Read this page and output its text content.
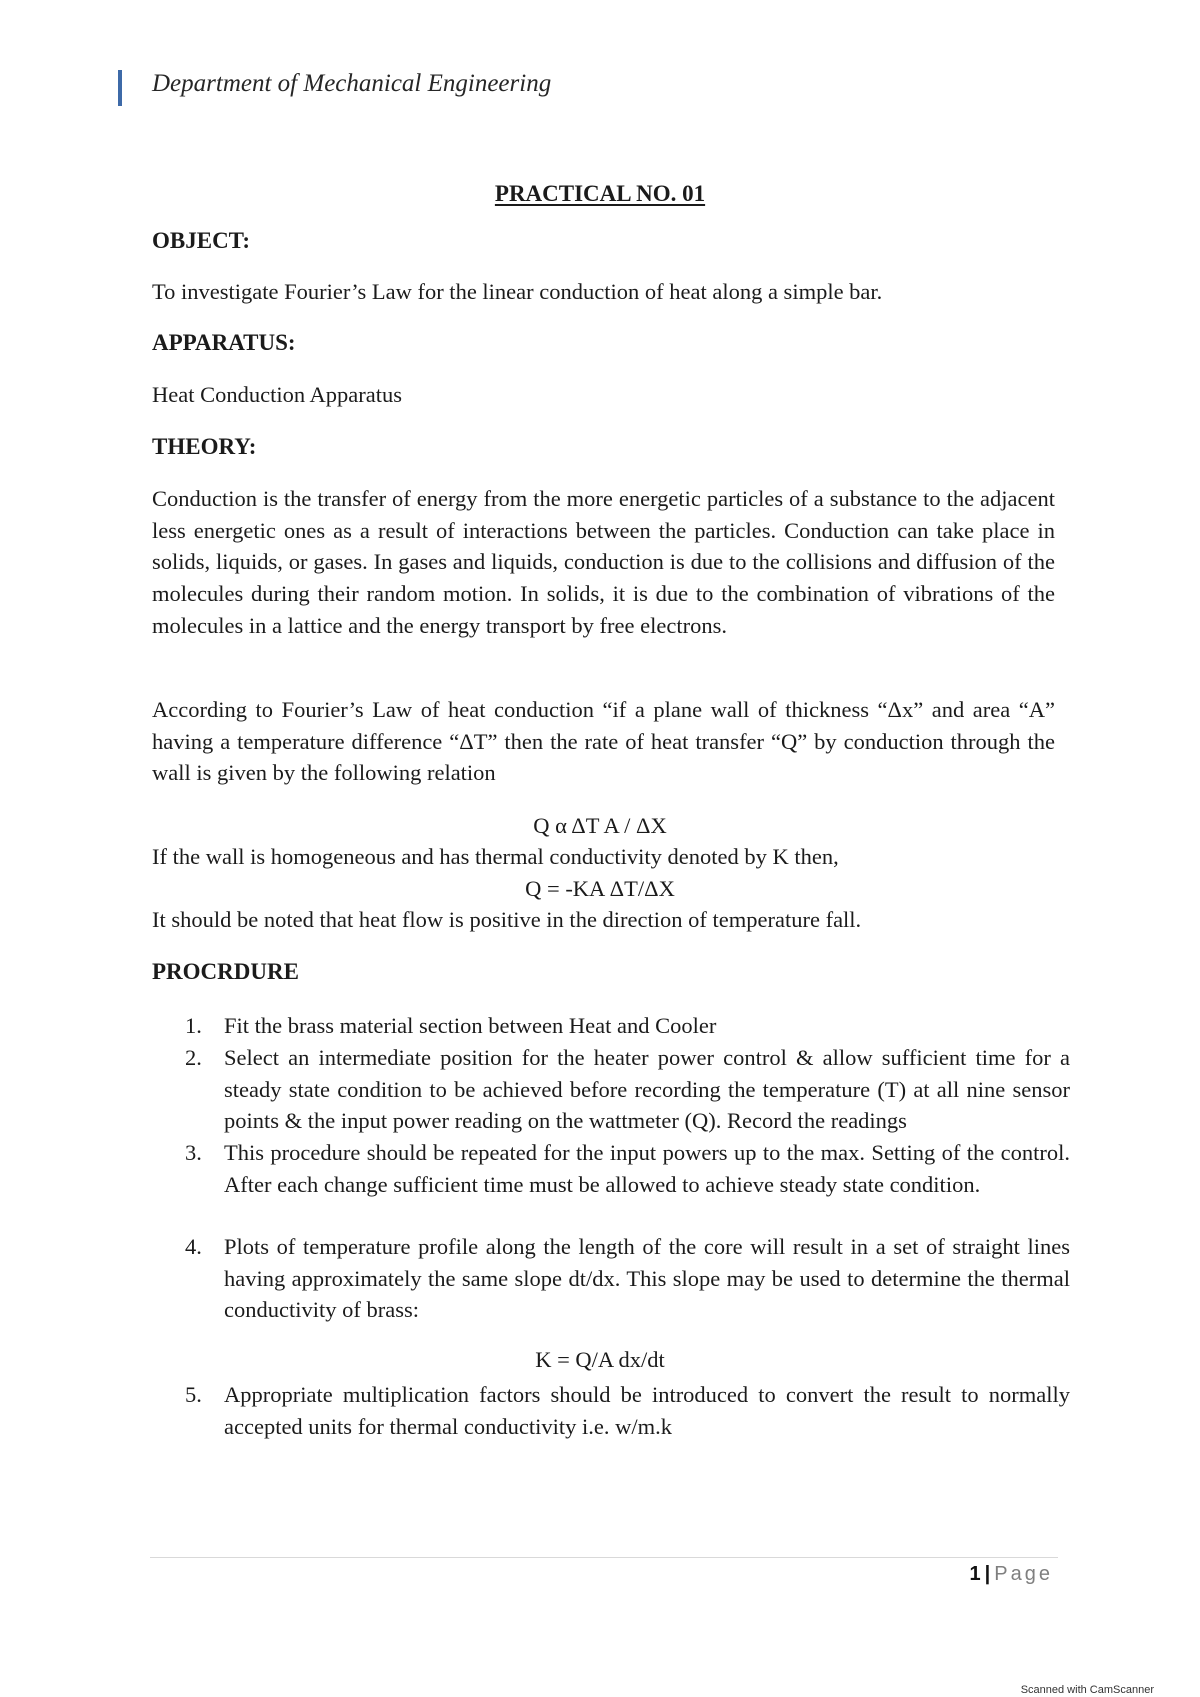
Department of Mechanical Engineering
PRACTICAL NO. 01
OBJECT:
To investigate Fourier’s Law for the linear conduction of heat along a simple bar.
APPARATUS:
Heat Conduction Apparatus
THEORY:
Conduction is the transfer of energy from the more energetic particles of a substance to the adjacent less energetic ones as a result of interactions between the particles. Conduction can take place in solids, liquids, or gases. In gases and liquids, conduction is due to the collisions and diffusion of the molecules during their random motion. In solids, it is due to the combination of vibrations of the molecules in a lattice and the energy transport by free electrons.
According to Fourier’s Law of heat conduction “if a plane wall of thickness “Δx” and area “A” having a temperature difference “ΔT” then the rate of heat transfer “Q” by conduction through the wall is given by the following relation
Q α ΔT A / ΔX
If the wall is homogeneous and has thermal conductivity denoted by K then,
Q = -KA ΔT/ΔX
It should be noted that heat flow is positive in the direction of temperature fall.
PROCRDURE
1. Fit the brass material section between Heat and Cooler
2. Select an intermediate position for the heater power control & allow sufficient time for a steady state condition to be achieved before recording the temperature (T) at all nine sensor points & the input power reading on the wattmeter (Q). Record the readings
3. This procedure should be repeated for the input powers up to the max. Setting of the control. After each change sufficient time must be allowed to achieve steady state condition.
4. Plots of temperature profile along the length of the core will result in a set of straight lines having approximately the same slope dt/dx. This slope may be used to determine the thermal conductivity of brass:
K = Q/A dx/dt
5. Appropriate multiplication factors should be introduced to convert the result to normally accepted units for thermal conductivity i.e. w/m.k
1 | Page
Scanned with CamScanner
